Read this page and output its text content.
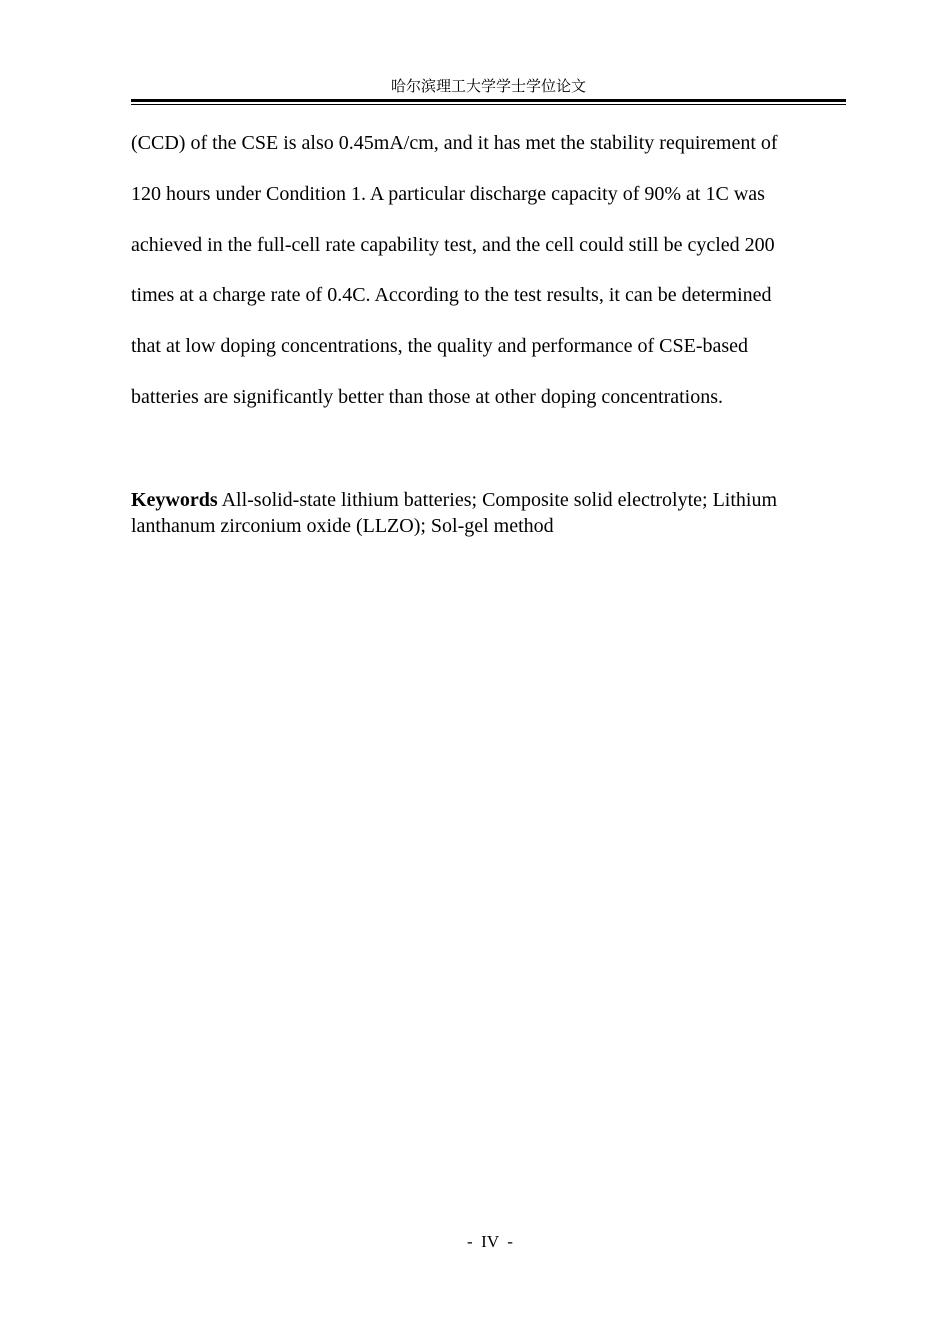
哈尔滨理工大学学士学位论文
(CCD) of the CSE is also 0.45mA/cm, and it has met the stability requirement of
120 hours under Condition 1. A particular discharge capacity of 90% at 1C was
achieved in the full-cell rate capability test, and the cell could still be cycled 200
times at a charge rate of 0.4C. According to the test results, it can be determined
that at low doping concentrations, the quality and performance of CSE-based
batteries are significantly better than those at other doping concentrations.
Keywords All-solid-state lithium batteries; Composite solid electrolyte; Lithium
lanthanum zirconium oxide (LLZO); Sol-gel method
-  IV  -
